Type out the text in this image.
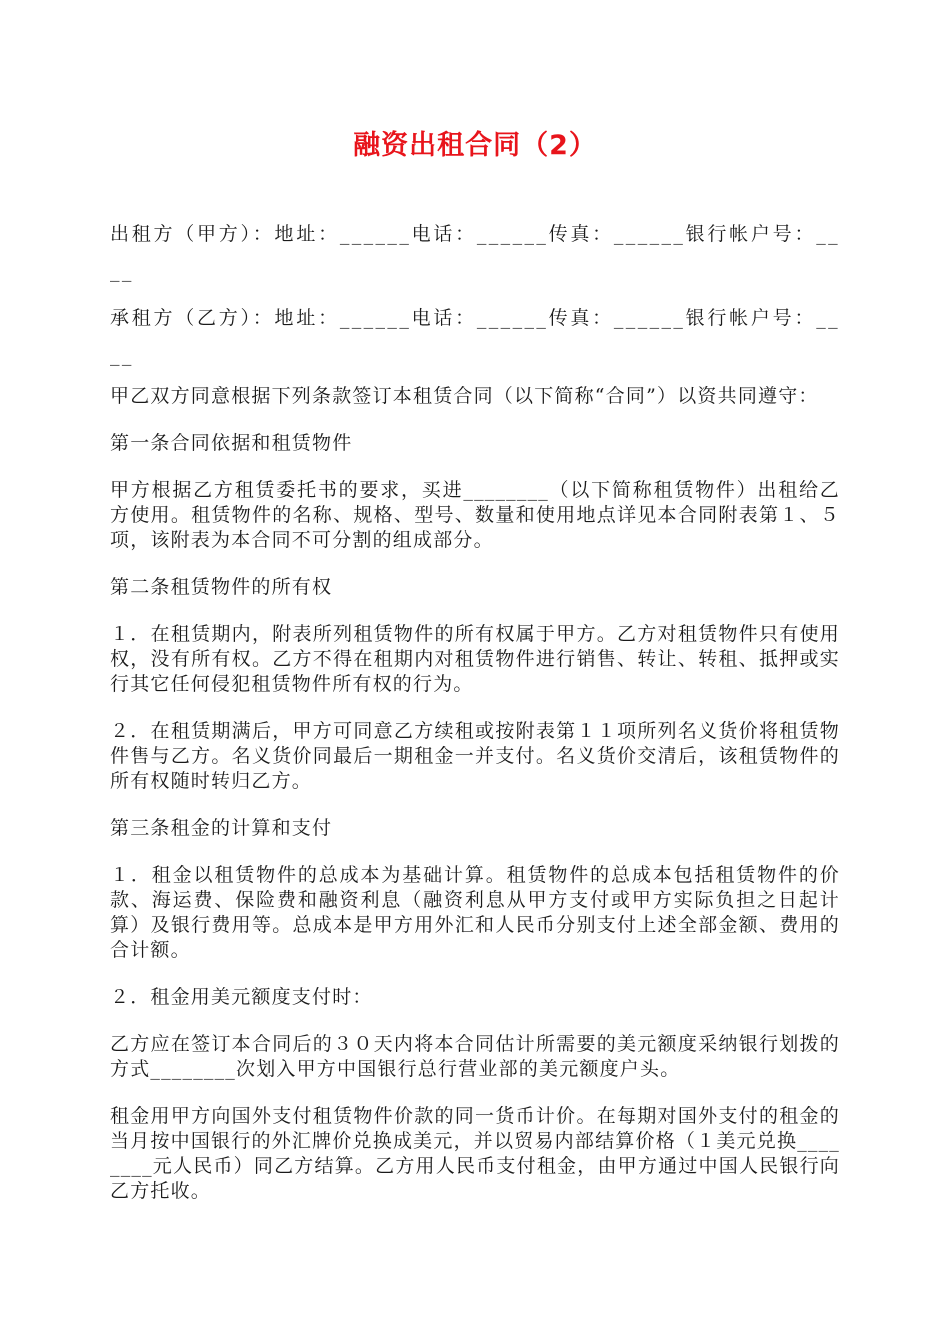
融资出租合同（2）

出租方（甲方）：地址：______电话：______传真：______银行帐户号：____

承租方（乙方）：地址：______电话：______传真：______银行帐户号：____

甲乙双方同意根据下列条款签订本租赁合同（以下简称“合同”）以资共同遵守：

第一条合同依据和租赁物件

甲方根据乙方租赁委托书的要求，买进________（以下简称租赁物件）出租给乙方使用。租赁物件的名称、规格、型号、数量和使用地点详见本合同附表第１、５项，该附表为本合同不可分割的组成部分。

第二条租赁物件的所有权

１．在租赁期内，附表所列租赁物件的所有权属于甲方。乙方对租赁物件只有使用权，没有所有权。乙方不得在租期内对租赁物件进行销售、转让、转租、抵押或实行其它任何侵犯租赁物件所有权的行为。

２．在租赁期满后，甲方可同意乙方续租或按附表第１１项所列名义货价将租赁物件售与乙方。名义货价同最后一期租金一并支付。名义货价交清后，该租赁物件的所有权随时转归乙方。

第三条租金的计算和支付

１．租金以租赁物件的总成本为基础计算。租赁物件的总成本包括租赁物件的价款、海运费、保险费和融资利息（融资利息从甲方支付或甲方实际负担之日起计算）及银行费用等。总成本是甲方用外汇和人民币分别支付上述全部金额、费用的合计额。

２．租金用美元额度支付时：

乙方应在签订本合同后的３０天内将本合同估计所需要的美元额度采纳银行划拨的方式________次划入甲方中国银行总行营业部的美元额度户头。

租金用甲方向国外支付租赁物件价款的同一货币计价。在每期对国外支付的租金的当月按中国银行的外汇牌价兑换成美元，并以贸易内部结算价格（１美元兑换________元人民币）同乙方结算。乙方用人民币支付租金，由甲方通过中国人民银行向乙方托收。
